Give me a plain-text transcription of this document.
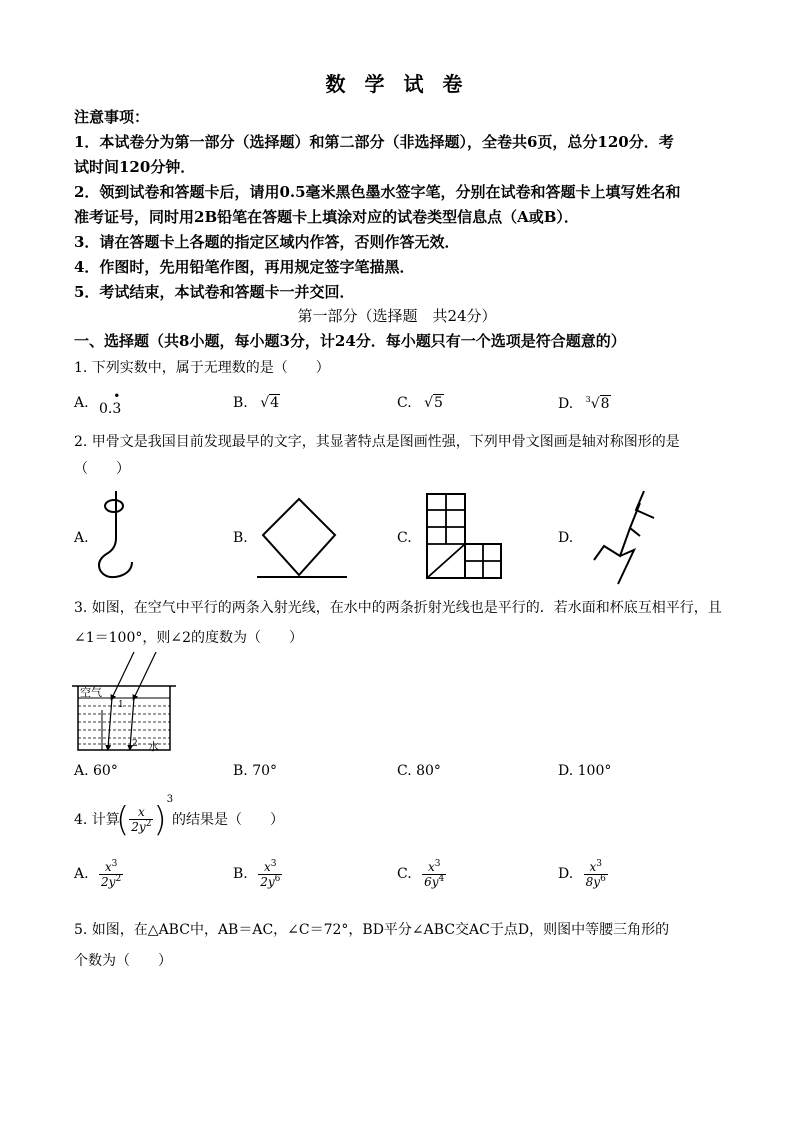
数 学 试 卷
注意事项：
1．本试卷分为第一部分（选择题）和第二部分（非选择题），全卷共6页，总分120分．考
试时间120分钟．
2．领到试卷和答题卡后，请用0.5毫米黑色墨水签字笔，分别在试卷和答题卡上填写姓名和
准考证号，同时用2B铅笔在答题卡上填涂对应的试卷类型信息点（A或B）．
3．请在答题卡上各题的指定区域内作答，否则作答无效．
4．作图时，先用铅笔作图，再用规定签字笔描黑．
5．考试结束，本试卷和答题卡一并交回．
第一部分（选择题　共24分）
一、选择题（共8小题，每小题3分，计24分．每小题只有一个选项是符合题意的）
1. 下列实数中，属于无理数的是（　　）
A. 0.3
•	B. √4	C. √5	D. $^3$√8
2. 甲骨文是我国目前发现最早的文字，其显著特点是图画性强，下列甲骨文图画是轴对称图形的是
（　　）
A.	B.	C.	D.
3. 如图，在空气中平行的两条入射光线，在水中的两条折射光线也是平行的．若水面和杯底互相平行，且
∠1＝100°，则∠2的度数为（　　）
空气
1
2 水
A. 60°	B. 70°	C. 80°	D. 100°
4. 计算
( $\frac{x}{2y^2} )^3$
的结果是（　　）
A. $\frac{x^3}{2y^2}$	B. $\frac{x^3}{2y^6}$	C. $\frac{x^3}{6y^4}$	D. $\frac{x^3}{8y^6}$
5. 如图，在△ABC中，AB＝AC，∠C＝72°，BD平分∠ABC交AC于点D，则图中等腰三角形的
个数为（　　）
